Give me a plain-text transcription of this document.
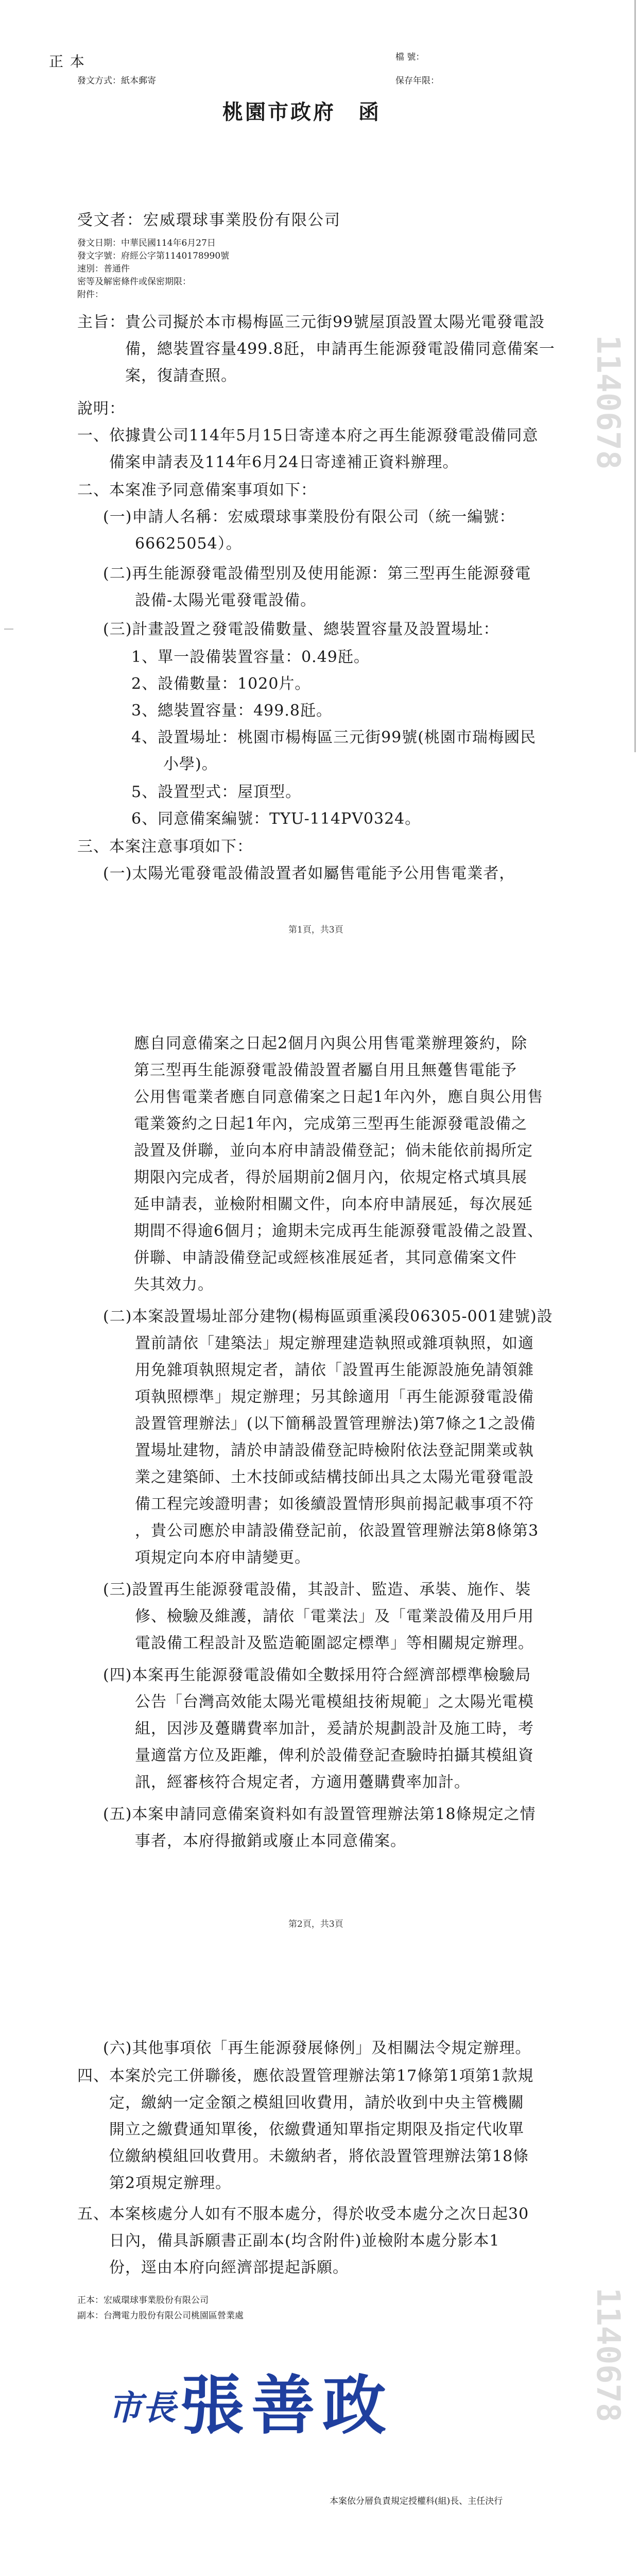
正 本
發文方式：紙本郵寄
檔 號：
保存年限：
桃園市政府　函
受文者：宏威環球事業股份有限公司
發文日期：中華民國114年6月27日
發文字號：府經公字第1140178990號
速別：普通件
密等及解密條件或保密期限：
附件：
主旨：貴公司擬於本市楊梅區三元街99號屋頂設置太陽光電發電設
　　　備，總裝置容量499.8瓩，申請再生能源發電設備同意備案一
　　　案，復請查照。
說明：
一、依據貴公司114年5月15日寄達本府之再生能源發電設備同意
　　備案申請表及114年6月24日寄達補正資料辦理。
二、本案准予同意備案事項如下：
(一)申請人名稱：宏威環球事業股份有限公司（統一編號：
　　66625054）。
(二)再生能源發電設備型別及使用能源：第三型再生能源發電
　　設備-太陽光電發電設備。
(三)計畫設置之發電設備數量、總裝置容量及設置場址：
1、單一設備裝置容量：0.49瓩。
2、設備數量：1020片。
3、總裝置容量：499.8瓩。
4、設置場址：桃園市楊梅區三元街99號(桃園市瑞梅國民
　　小學)。
5、設置型式：屋頂型。
6、同意備案編號：TYU-114PV0324。
三、本案注意事項如下：
(一)太陽光電發電設備設置者如屬售電能予公用售電業者，
第1頁，共3頁
1140678
應自同意備案之日起2個月內與公用售電業辦理簽約，除
第三型再生能源發電設備設置者屬自用且無躉售電能予
公用售電業者應自同意備案之日起1年內外，應自與公用售
電業簽約之日起1年內，完成第三型再生能源發電設備之
設置及併聯，並向本府申請設備登記；倘未能依前揭所定
期限內完成者，得於屆期前2個月內，依規定格式填具展
延申請表，並檢附相關文件，向本府申請展延，每次展延
期間不得逾6個月；逾期未完成再生能源發電設備之設置、
併聯、申請設備登記或經核准展延者，其同意備案文件
失其效力。
(二)本案設置場址部分建物(楊梅區頭重溪段06305-001建號)設
　　置前請依「建築法」規定辦理建造執照或雜項執照，如適
　　用免雜項執照規定者，請依「設置再生能源設施免請領雜
　　項執照標準」規定辦理；另其餘適用「再生能源發電設備
　　設置管理辦法」(以下簡稱設置管理辦法)第7條之1之設備
　　置場址建物，請於申請設備登記時檢附依法登記開業或執
　　業之建築師、土木技師或結構技師出具之太陽光電發電設
　　備工程完竣證明書；如後續設置情形與前揭記載事項不符
　　，貴公司應於申請設備登記前，依設置管理辦法第8條第3
　　項規定向本府申請變更。
(三)設置再生能源發電設備，其設計、監造、承裝、施作、裝
　　修、檢驗及維護，請依「電業法」及「電業設備及用戶用
　　電設備工程設計及監造範圍認定標準」等相關規定辦理。
(四)本案再生能源發電設備如全數採用符合經濟部標準檢驗局
　　公告「台灣高效能太陽光電模組技術規範」之太陽光電模
　　組，因涉及躉購費率加計，爰請於規劃設計及施工時，考
　　量適當方位及距離，俾利於設備登記查驗時拍攝其模組資
　　訊，經審核符合規定者，方適用躉購費率加計。
(五)本案申請同意備案資料如有設置管理辦法第18條規定之情
　　事者，本府得撤銷或廢止本同意備案。
第2頁，共3頁
(六)其他事項依「再生能源發展條例」及相關法令規定辦理。
四、本案於完工併聯後，應依設置管理辦法第17條第1項第1款規
　　定，繳納一定金額之模組回收費用，請於收到中央主管機關
　　開立之繳費通知單後，依繳費通知單指定期限及指定代收單
　　位繳納模組回收費用。未繳納者，將依設置管理辦法第18條
　　第2項規定辦理。
五、本案核處分人如有不服本處分，得於收受本處分之次日起30
　　日內，備具訴願書正副本(均含附件)並檢附本處分影本1
　　份，逕由本府向經濟部提起訴願。
正本：宏威環球事業股份有限公司
副本：台灣電力股份有限公司桃園區營業處
市長 張善政
本案依分層負責規定授權科(組)長、主任決行
1140678
